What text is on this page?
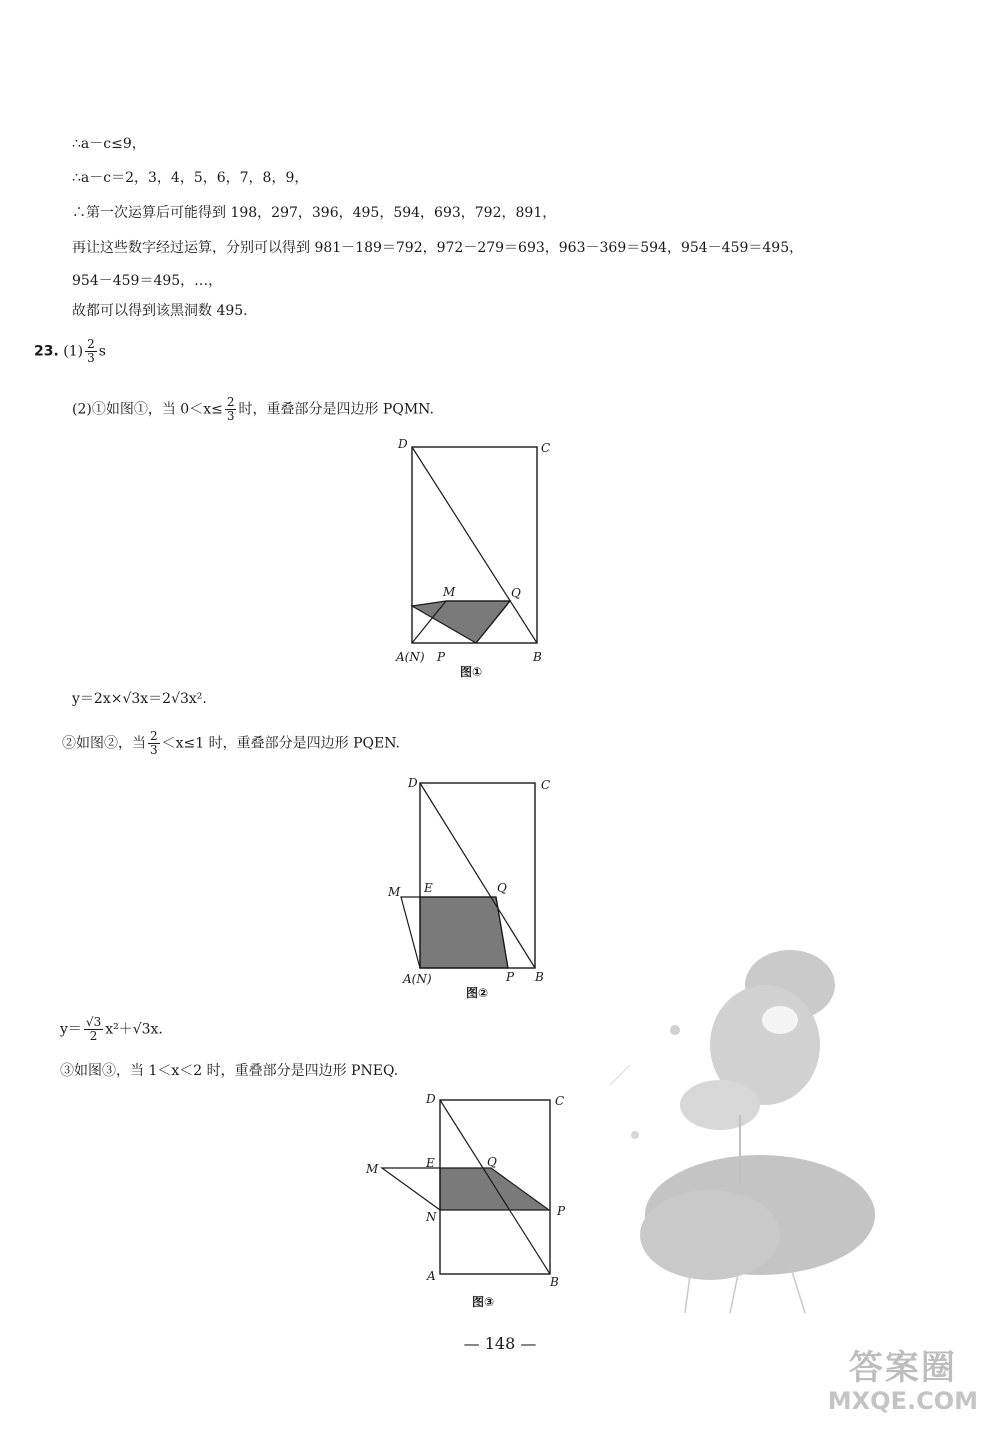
∴a－c≤9，
∴a－c＝2，3，4，5，6，7，8，9，
∴第一次运算后可能得到 198，297，396，495，594，693，792，891，
再让这些数字经过运算，分别可以得到 981－189＝792，972－279＝693，963－369＝594，954－459＝495，
954－459＝495，…，
故都可以得到该黑洞数 495.
23. $(1) \frac{2}{3}$ s
(2)①如图①，当 $0<x\le \frac{2}{3}$ 时，重叠部分是四边形 PQMN.
D	C
M	Q
A(N) P	B
图①
y＝2x×√3x＝2√3x².
②如图②，当 $\frac{2}{3} <x\le 1$ 时，重叠部分是四边形 PQEN.
D	C
M E	Q
A(N)	P B
图②
$y= \frac{√3}{2} x^2+√3x$.
③如图③，当 1＜x＜2 时，重叠部分是四边形 PNEQ.
D	C
M	E	Q
N	P
A	B
图③
— 148 —
答案圈
MXQE.COM
